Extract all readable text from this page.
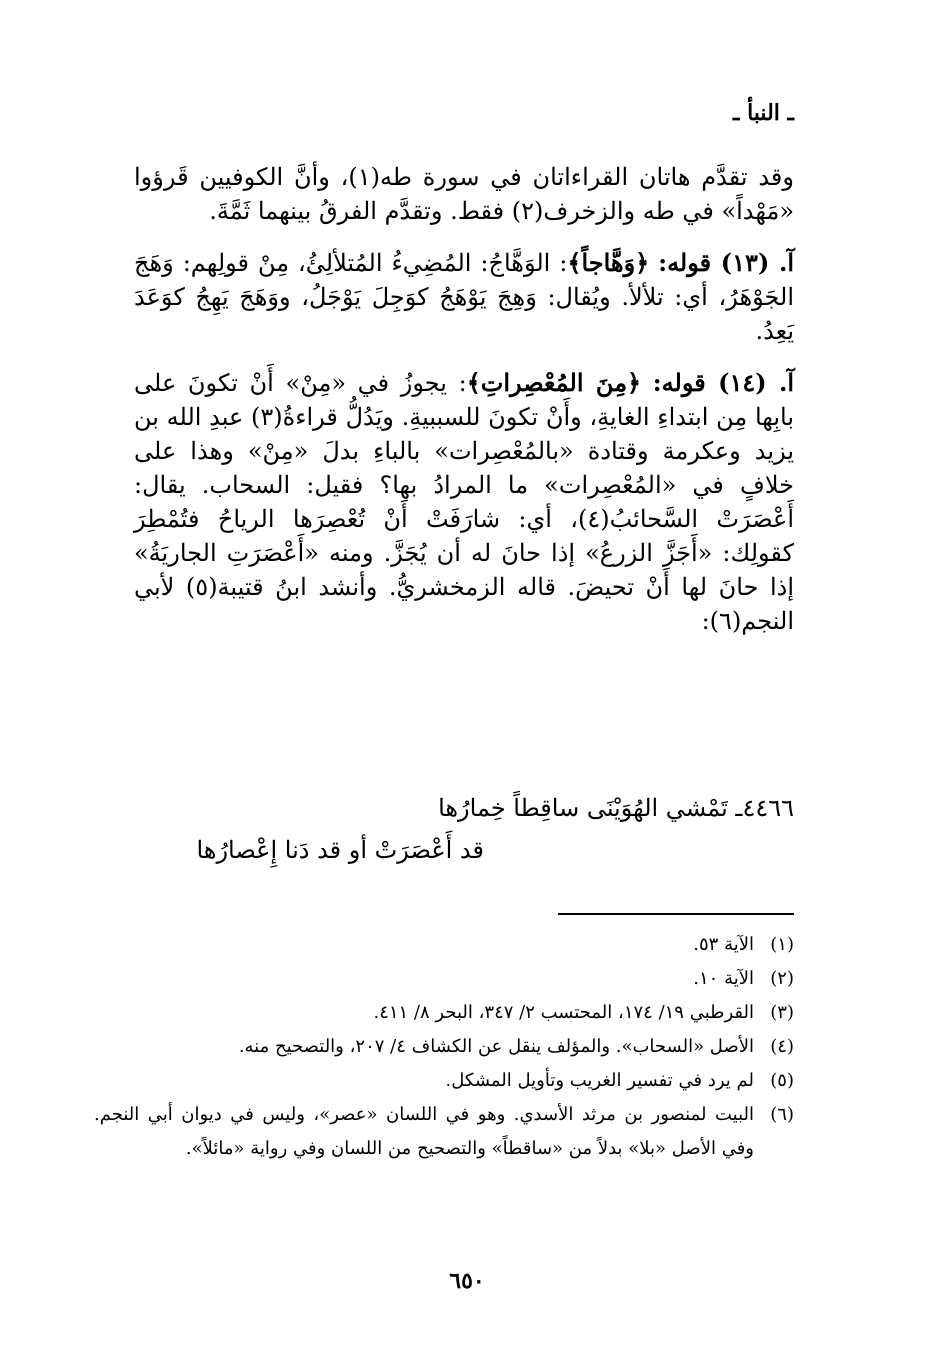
ـ النبأ ـ

وقد تقدَّم هاتان القراءاتان في سورة طه(١)، وأنَّ الكوفيين قَرؤوا «مَهْداً» في طه والزخرف(٢) فقط. وتقدَّم الفرقُ بينهما ثَمَّةَ.

آ. (١٣) قوله: ﴿وَهَّاجاً﴾: الوَهَّاجُ: المُضِيءُ المُتلألِئُ، مِنْ قولِهم: وَهَجَ الجَوْهَرُ، أي: تلألأ. ويُقال: وَهِجَ يَوْهَجُ كوَجِلَ يَوْجَلُ، ووَهَجَ يَهِجُ كوَعَدَ يَعِدُ.

آ. (١٤) قوله: ﴿مِنَ المُعْصِراتِ﴾: يجوزُ في «مِنْ» أَنْ تكونَ على بابِها مِن ابتداءِ الغايةِ، وأَنْ تكونَ للسببيةِ. ويَدُلُّ قراءةُ(٣) عبدِ الله بن يزيد وعكرمة وقتادة «بالمُعْصِرات» بالباءِ بدلَ «مِنْ» وهذا على خلافٍ في «المُعْصِرات» ما المرادُ بها؟ فقيل: السحاب. يقال: أَعْصَرَتْ السَّحائبُ(٤)، أي: شارَفَتْ أَنْ تُعْصِرَها الرياحُ فتُمْطِرَ كقولِك: «أَجَزَّ الزرعُ» إذا حانَ له أن يُجَزَّ. ومنه «أَعْصَرَتِ الجاريَةُ» إذا حانَ لها أَنْ تحيضَ. قاله الزمخشريُّ. وأنشد ابنُ قتيبة(٥) لأبي النجم(٦):

٤٤٦٦ـ تَمْشي الهُوَيْنَى ساقِطاً خِمارُها
قد أَعْصَرَتْ أو قد دَنا إِعْصارُها

(١)
الآية ٥٣.

(٢)
الآية ١٠.

(٣)
القرطبي ١٩/ ١٧٤، المحتسب ٢/ ٣٤٧، البحر ٨/ ٤١١.

(٤)
الأصل «السحاب». والمؤلف ينقل عن الكشاف ٤/ ٢٠٧، والتصحيح منه.

(٥)
لم يرد في تفسير الغريب وتأويل المشكل.

(٦)
البيت لمنصور بن مرثد الأسدي. وهو في اللسان «عصر»، وليس في ديوان أبي النجم. وفي الأصل «بلا» بدلاً من «ساقطاً» والتصحيح من اللسان وفي رواية «مائلاً».

٦٥٠
